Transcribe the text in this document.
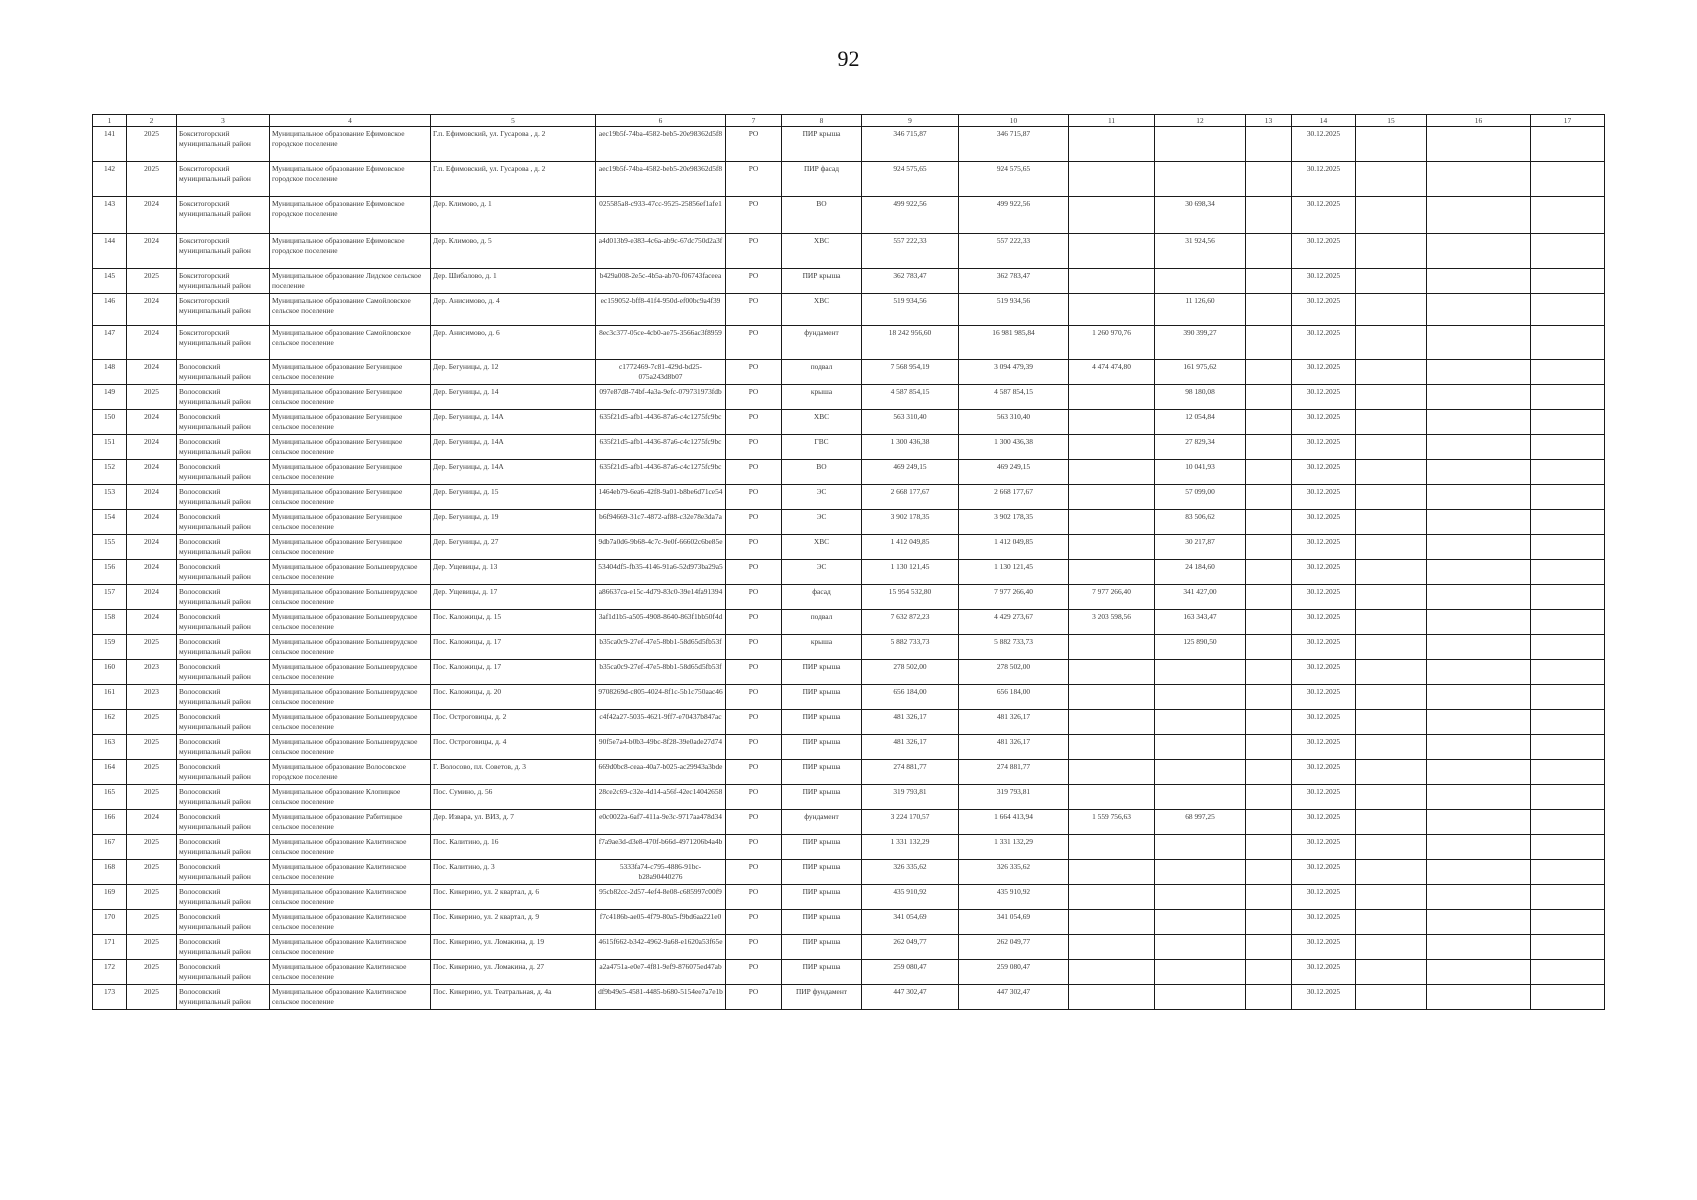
92
1	2	3	4	5	6	7	8	9	10	11	12	13	14	15	16	17
141	2025	Бокситогорский муниципальный район	Муниципальное образование Ефимовское городское поселение	Г.п. Ефимовский, ул. Гусарова , д. 2	aec19b5f-74ba-4582-beb5-20e98362d5f8	РО	ПИР крыша	346 715,87	346 715,87				30.12.2025			
142	2025	Бокситогорский муниципальный район	Муниципальное образование Ефимовское городское поселение	Г.п. Ефимовский, ул. Гусарова , д. 2	aec19b5f-74ba-4582-beb5-20e98362d5f8	РО	ПИР фасад	924 575,65	924 575,65				30.12.2025			
143	2024	Бокситогорский муниципальный район	Муниципальное образование Ефимовское городское поселение	Дер. Климово, д. 1	025585a8-c933-47cc-9525-25856ef1afe1	РО	ВО	499 922,56	499 922,56		30 698,34		30.12.2025			
144	2024	Бокситогорский муниципальный район	Муниципальное образование Ефимовское городское поселение	Дер. Климово, д. 5	a4d013b9-e383-4c6a-ab9c-67dc750d2a3f	РО	ХВС	557 222,33	557 222,33		31 924,56		30.12.2025			
145	2025	Бокситогорский муниципальный район	Муниципальное образование Лидское сельское поселение	Дер. Шибалово, д. 1	b429a008-2e5c-4b5a-ab70-f06743faceea	РО	ПИР крыша	362 783,47	362 783,47				30.12.2025			
146	2024	Бокситогорский муниципальный район	Муниципальное образование Самойловское сельское поселение	Дер. Анисимово, д. 4	ec159052-bff8-41f4-950d-ef00bc9a4f39	РО	ХВС	519 934,56	519 934,56		11 126,60		30.12.2025			
147	2024	Бокситогорский муниципальный район	Муниципальное образование Самойловское сельское поселение	Дер. Анисимово, д. 6	8ec3c377-05ce-4cb0-ae75-3566ac3f8959	РО	фундамент	18 242 956,60	16 981 985,84	1 260 970,76	390 399,27		30.12.2025			
148	2024	Волосовский муниципальный район	Муниципальное образование Бегуницкое сельское поселение	Дер. Бегуницы, д. 12	c1772469-7c81-429d-bd25-075a243d8b07	РО	подвал	7 568 954,19	3 094 479,39	4 474 474,80	161 975,62		30.12.2025			
149	2025	Волосовский муниципальный район	Муниципальное образование Бегуницкое сельское поселение	Дер. Бегуницы, д. 14	097e87d8-74bf-4a3a-9efc-079731973fdb	РО	крыша	4 587 854,15	4 587 854,15		98 180,08		30.12.2025			
150	2024	Волосовский муниципальный район	Муниципальное образование Бегуницкое сельское поселение	Дер. Бегуницы, д. 14А	635f21d5-afb1-4436-87a6-c4c1275fc9bc	РО	ХВС	563 310,40	563 310,40		12 054,84		30.12.2025			
151	2024	Волосовский муниципальный район	Муниципальное образование Бегуницкое сельское поселение	Дер. Бегуницы, д. 14А	635f21d5-afb1-4436-87a6-c4c1275fc9bc	РО	ГВС	1 300 436,38	1 300 436,38		27 829,34		30.12.2025			
152	2024	Волосовский муниципальный район	Муниципальное образование Бегуницкое сельское поселение	Дер. Бегуницы, д. 14А	635f21d5-afb1-4436-87a6-c4c1275fc9bc	РО	ВО	469 249,15	469 249,15		10 041,93		30.12.2025			
153	2024	Волосовский муниципальный район	Муниципальное образование Бегуницкое сельское поселение	Дер. Бегуницы, д. 15	1464eb79-6ea6-42f8-9a01-b8be6d71ce54	РО	ЭС	2 668 177,67	2 668 177,67		57 099,00		30.12.2025			
154	2024	Волосовский муниципальный район	Муниципальное образование Бегуницкое сельское поселение	Дер. Бегуницы, д. 19	b6f94669-31c7-4872-af88-c32e78e3da7a	РО	ЭС	3 902 178,35	3 902 178,35		83 506,62		30.12.2025			
155	2024	Волосовский муниципальный район	Муниципальное образование Бегуницкое сельское поселение	Дер. Бегуницы, д. 27	9db7a0d6-9b68-4c7c-9e0f-66602c6be85e	РО	ХВС	1 412 049,85	1 412 049,85		30 217,87		30.12.2025			
156	2024	Волосовский муниципальный район	Муниципальное образование Большеврудское сельское поселение	Дер. Ущевицы, д. 13	53404df5-fb35-4146-91a6-52d973ba29a5	РО	ЭС	1 130 121,45	1 130 121,45		24 184,60		30.12.2025			
157	2024	Волосовский муниципальный район	Муниципальное образование Большеврудское сельское поселение	Дер. Ущевицы, д. 17	a86637ca-e15c-4d79-83c0-39e14fa91394	РО	фасад	15 954 532,80	7 977 266,40	7 977 266,40	341 427,00		30.12.2025			
158	2024	Волосовский муниципальный район	Муниципальное образование Большеврудское сельское поселение	Пос. Каложицы, д. 15	3af1d1b5-a505-4908-8640-863f1bb50f4d	РО	подвал	7 632 872,23	4 429 273,67	3 203 598,56	163 343,47		30.12.2025			
159	2025	Волосовский муниципальный район	Муниципальное образование Большеврудское сельское поселение	Пос. Каложицы, д. 17	b35ca0c9-27ef-47e5-8bb1-58d65d5fb53f	РО	крыша	5 882 733,73	5 882 733,73		125 890,50		30.12.2025			
160	2023	Волосовский муниципальный район	Муниципальное образование Большеврудское сельское поселение	Пос. Каложицы, д. 17	b35ca0c9-27ef-47e5-8bb1-58d65d5fb53f	РО	ПИР крыша	278 502,00	278 502,00				30.12.2025			
161	2023	Волосовский муниципальный район	Муниципальное образование Большеврудское сельское поселение	Пос. Каложицы, д. 20	9708269d-c805-4024-8f1c-5b1c750aac46	РО	ПИР крыша	656 184,00	656 184,00				30.12.2025			
162	2025	Волосовский муниципальный район	Муниципальное образование Большеврудское сельское поселение	Пос. Остроговицы, д. 2	c4f42a27-5035-4621-9ff7-e70437b847ac	РО	ПИР крыша	481 326,17	481 326,17				30.12.2025			
163	2025	Волосовский муниципальный район	Муниципальное образование Большеврудское сельское поселение	Пос. Остроговицы, д. 4	90f5e7a4-b0b3-49bc-8f28-39e0ade27d74	РО	ПИР крыша	481 326,17	481 326,17				30.12.2025			
164	2025	Волосовский муниципальный район	Муниципальное образование Волосовское городское поселение	Г. Волосово, пл. Советов, д. 3	669d0bc8-ceaa-40a7-b025-ac29943a3bde	РО	ПИР крыша	274 881,77	274 881,77				30.12.2025			
165	2025	Волосовский муниципальный район	Муниципальное образование Клопицкое сельское поселение	Пос. Сумино, д. 56	28ce2c69-c32e-4d14-a56f-42ec14042658	РО	ПИР крыша	319 793,81	319 793,81				30.12.2025			
166	2024	Волосовский муниципальный район	Муниципальное образование Рабитицкое сельское поселение	Дер. Извара, ул. ВИЗ, д. 7	e0c0022a-6af7-411a-9e3c-9717aa478d34	РО	фундамент	3 224 170,57	1 664 413,94	1 559 756,63	68 997,25		30.12.2025			
167	2025	Волосовский муниципальный район	Муниципальное образование Калитинское сельское поселение	Пос. Калитино, д. 16	f7a9ae3d-d3e8-470f-b66d-4971206b4a4b	РО	ПИР крыша	1 331 132,29	1 331 132,29				30.12.2025			
168	2025	Волосовский муниципальный район	Муниципальное образование Калитинское сельское поселение	Пос. Калитино, д. 3	5333fa74-c795-4886-91bc-b28a90440276	РО	ПИР крыша	326 335,62	326 335,62				30.12.2025			
169	2025	Волосовский муниципальный район	Муниципальное образование Калитинское сельское поселение	Пос. Кикерино, ул. 2 квартал, д. 6	95cb82cc-2d57-4ef4-8e08-c685997c00f9	РО	ПИР крыша	435 910,92	435 910,92				30.12.2025			
170	2025	Волосовский муниципальный район	Муниципальное образование Калитинское сельское поселение	Пос. Кикерино, ул. 2 квартал, д. 9	f7c4186b-ae05-4f79-80a5-f9bd6aa221e0	РО	ПИР крыша	341 054,69	341 054,69				30.12.2025			
171	2025	Волосовский муниципальный район	Муниципальное образование Калитинское сельское поселение	Пос. Кикерино, ул. Ломакина, д. 19	4615f662-b342-4962-9a68-e1620a53f65e	РО	ПИР крыша	262 049,77	262 049,77				30.12.2025			
172	2025	Волосовский муниципальный район	Муниципальное образование Калитинское сельское поселение	Пос. Кикерино, ул. Ломакина, д. 27	a2a4751a-e0e7-4f81-9ef9-876075ed47ab	РО	ПИР крыша	259 080,47	259 080,47				30.12.2025			
173	2025	Волосовский муниципальный район	Муниципальное образование Калитинское сельское поселение	Пос. Кикерино, ул. Театральная, д. 4а	df9b49e5-4581-4485-b680-5154ee7a7e1b	РО	ПИР фундамент	447 302,47	447 302,47				30.12.2025			
